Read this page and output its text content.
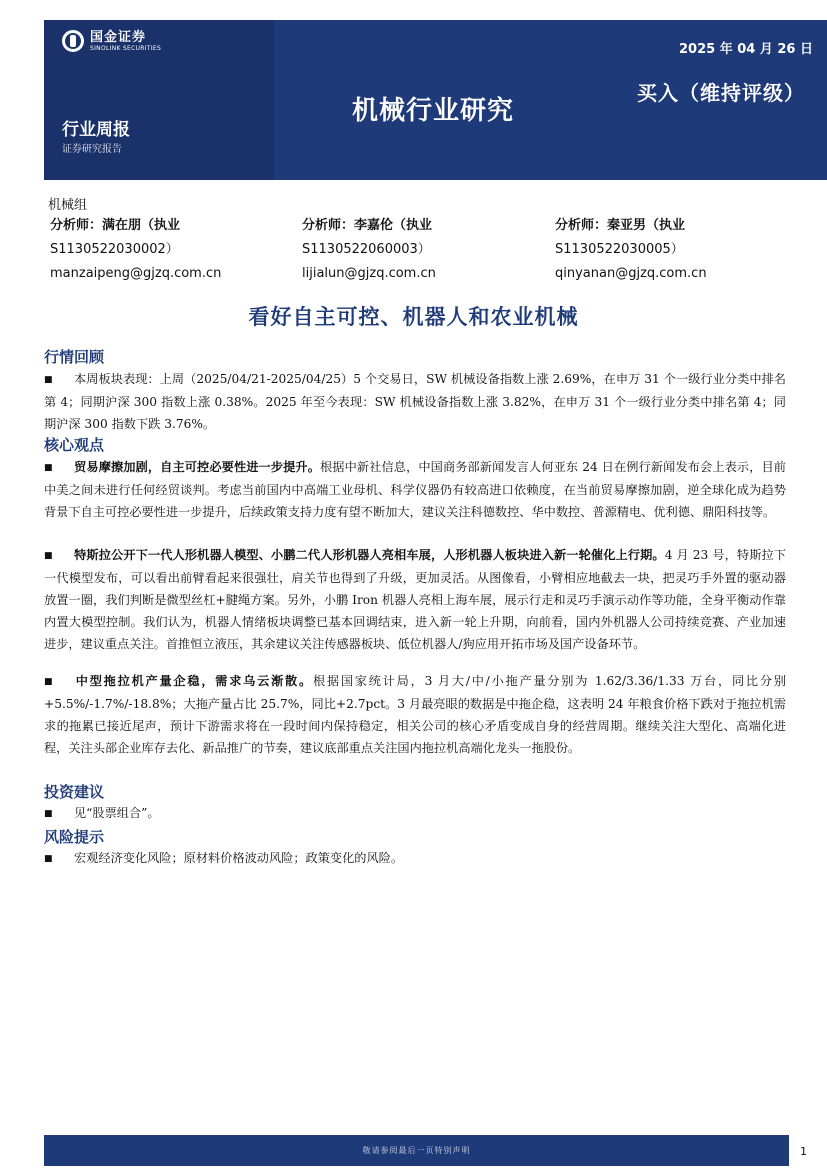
国金证券
SINOLINK SECURITIES	2025 年 04 月 26 日
机械行业研究
买入（维持评级）
行业周报
证券研究报告
机械组
分析师：满在朋（执业
S1130522030002）
manzaipeng@gjzq.com.cn
分析师：李嘉伦（执业
S1130522060003）
lijialun@gjzq.com.cn
分析师：秦亚男（执业
S1130522030005）
qinyanan@gjzq.com.cn
看好自主可控、机器人和农业机械
行情回顾
■ 本周板块表现：上周（2025/04/21-2025/04/25）5 个交易日，SW 机械设备指数上涨 2.69%，在申万 31 个一级行业分类中排名第 4；同期沪深 300 指数上涨 0.38%。2025 年至今表现：SW 机械设备指数上涨 3.82%，在申万 31 个一级行业分类中排名第 4；同期沪深 300 指数下跌 3.76%。
核心观点
■ 贸易摩擦加剧，自主可控必要性进一步提升。根据中新社信息，中国商务部新闻发言人何亚东 24 日在例行新闻发布会上表示，目前中美之间未进行任何经贸谈判。考虑当前国内中高端工业母机、科学仪器仍有较高进口依赖度，在当前贸易摩擦加剧，逆全球化成为趋势背景下自主可控必要性进一步提升，后续政策支持力度有望不断加大，建议关注科德数控、华中数控、普源精电、优利德、鼎阳科技等。
■ 特斯拉公开下一代人形机器人模型、小鹏二代人形机器人亮相车展，人形机器人板块进入新一轮催化上行期。4 月 23 号，特斯拉下一代模型发布，可以看出前臂看起来很强壮，肩关节也得到了升级，更加灵活。从图像看，小臂相应地截去一块，把灵巧手外置的驱动器放置一圈，我们判断是微型丝杠+腱绳方案。另外，小鹏 Iron 机器人亮相上海车展，展示行走和灵巧手演示动作等功能，全身平衡动作靠内置大模型控制。我们认为，机器人情绪板块调整已基本回调结束，进入新一轮上升期，向前看，国内外机器人公司持续竞赛、产业加速进步，建议重点关注。首推恒立液压，其余建议关注传感器板块、低位机器人/狗应用开拓市场及国产设备环节。
■ 中型拖拉机产量企稳，需求乌云渐散。根据国家统计局，3 月大/中/小拖产量分别为 1.62/3.36/1.33 万台，同比分别+5.5%/-1.7%/-18.8%；大拖产量占比 25.7%，同比+2.7pct。3 月最亮眼的数据是中拖企稳，这表明 24 年粮食价格下跌对于拖拉机需求的拖累已接近尾声，预计下游需求将在一段时间内保持稳定，相关公司的核心矛盾变成自身的经营周期。继续关注大型化、高端化进程，关注头部企业库存去化、新品推广的节奏，建议底部重点关注国内拖拉机高端化龙头一拖股份。
投资建议
■ 见“股票组合”。
风险提示
■ 宏观经济变化风险；原材料价格波动风险；政策变化的风险。
敬请参阅最后一页特别声明	1
